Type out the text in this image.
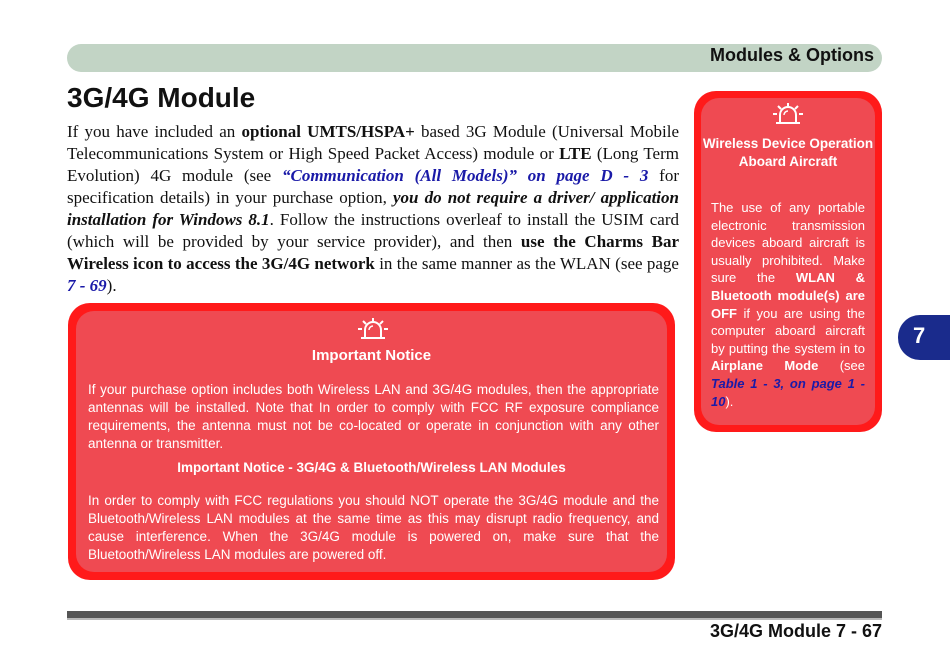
Modules & Options
3G/4G Module

If you have included an optional UMTS/HSPA+ based 3G Module (Universal Mobile Telecommunications System or High Speed Packet Access) module or LTE (Long Term Evolution) 4G module (see “Communication (All Models)” on page D - 3 for specification details) in your purchase option, you do not require a driver/ application installation for Windows 8.1. Follow the instructions overleaf to install the USIM card (which will be provided by your service provider), and then use the Charms Bar Wireless icon to access the 3G/4G network in the same manner as the WLAN (see page 7 - 69).

Important Notice

If your purchase option includes both Wireless LAN and 3G/4G modules, then the appropriate antennas will be installed. Note that In order to comply with FCC RF exposure compliance requirements, the antenna must not be co-located or operate in conjunction with any other antenna or transmitter.

Important Notice - 3G/4G & Bluetooth/Wireless LAN Modules

In order to comply with FCC regulations you should NOT operate the 3G/4G module and the Bluetooth/Wireless LAN modules at the same time as this may disrupt radio frequency, and cause interference. When the 3G/4G module is powered on, make sure that the Bluetooth/Wireless LAN modules are powered off.

Wireless Device Operation Aboard Aircraft

The use of any portable electronic transmission devices aboard aircraft is usually prohibited. Make sure the WLAN & Bluetooth module(s) are OFF if you are using the computer aboard aircraft by putting the system in to Airplane Mode (see Table 1 - 3, on page 1 - 10).

7
3G/4G Module 7 - 67
